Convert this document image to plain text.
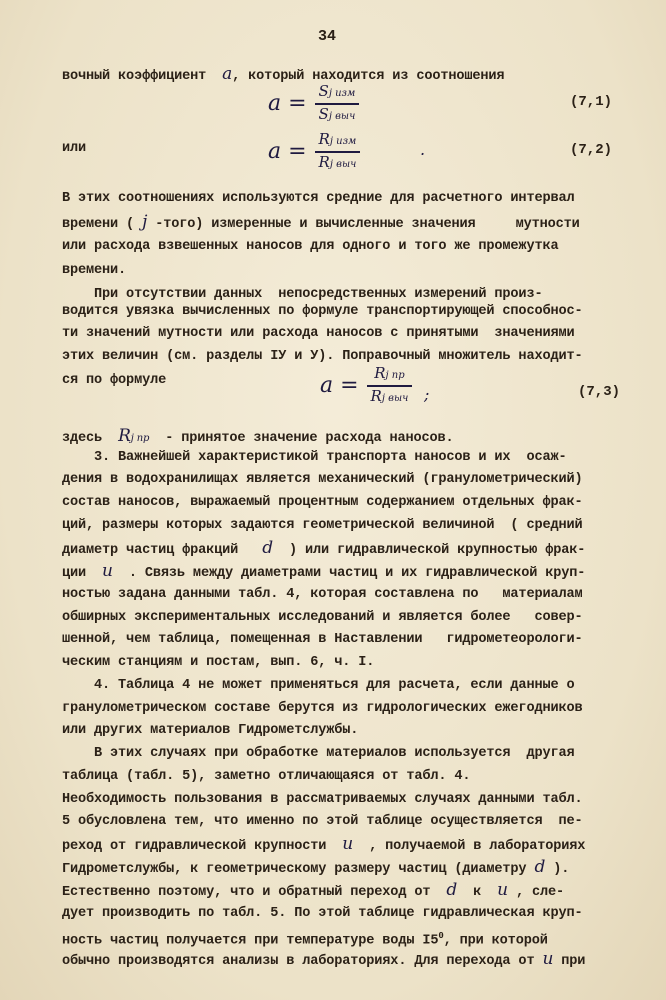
34
вочный коэффициент a, который находится из соотношения
$a = \frac{\text{Sj изм}}{\text{Sj выч}}$	(7,1)
или	$a = \frac{\text{Rj изм}}{\text{Rj выч}}$	.	(7,2)
В этих соотношениях используются средние для расчетного интервал
времени ( j -того) измеренные и вычисленные значения     мутности
или расхода взвешенных наносов для одного и того же промежутка
времени.
При отсутствии данных  непосредственных измерений произ-
водится увязка вычисленных по формуле транспортирующей способнос-
ти значений мутности или расхода наносов с принятыми  значениями
этих величин (см. разделы IУ и У). Поправочный множитель находит-
ся по формуле	$a = \frac{\text{Rj пр}}{\text{Rj выч}}$ ;	(7,3)
здесь Rj пр - принятое значение расхода наносов.
3. Важнейшей характеристикой транспорта наносов и их  осаж-
дения в водохранилищах является механический (гранулометрический)
состав наносов, выражаемый процентным содержанием отдельных фрак-
ций, размеры которых задаются геометрической величиной  ( средний
диаметр частиц фракций d ) или гидравлической крупностью фрак-
ции u . Связь между диаметрами частиц и их гидравлической круп-
ностью задана данными табл. 4, которая составлена по   материалам
обширных экспериментальных исследований и является более   совер-
шенной, чем таблица, помещенная в Наставлении   гидрометеорологи-
ческим станциям и постам, вып. 6, ч. I.
4. Таблица 4 не может применяться для расчета, если данные о
гранулометрическом составе берутся из гидрологических ежегодников
или других материалов Гидрометслужбы.
В этих случаях при обработке материалов используется  другая
таблица (табл. 5), заметно отличающаяся от табл. 4.
Необходимость пользования в рассматриваемых случаях данными табл.
5 обусловлена тем, что именно по этой таблице осуществляется  пе-
реход от гидравлической крупности u , получаемой в лабораториях
Гидрометслужбы, к геометрическому размеру частиц (диаметру d ).
Естественно поэтому, что и обратный переход от d к u , сле-
дует производить по табл. 5. По этой таблице гидравлическая круп-
ность частиц получается при температуре воды $I5^0$, при которой
обычно производятся анализы в лабораториях. Для перехода от u при
